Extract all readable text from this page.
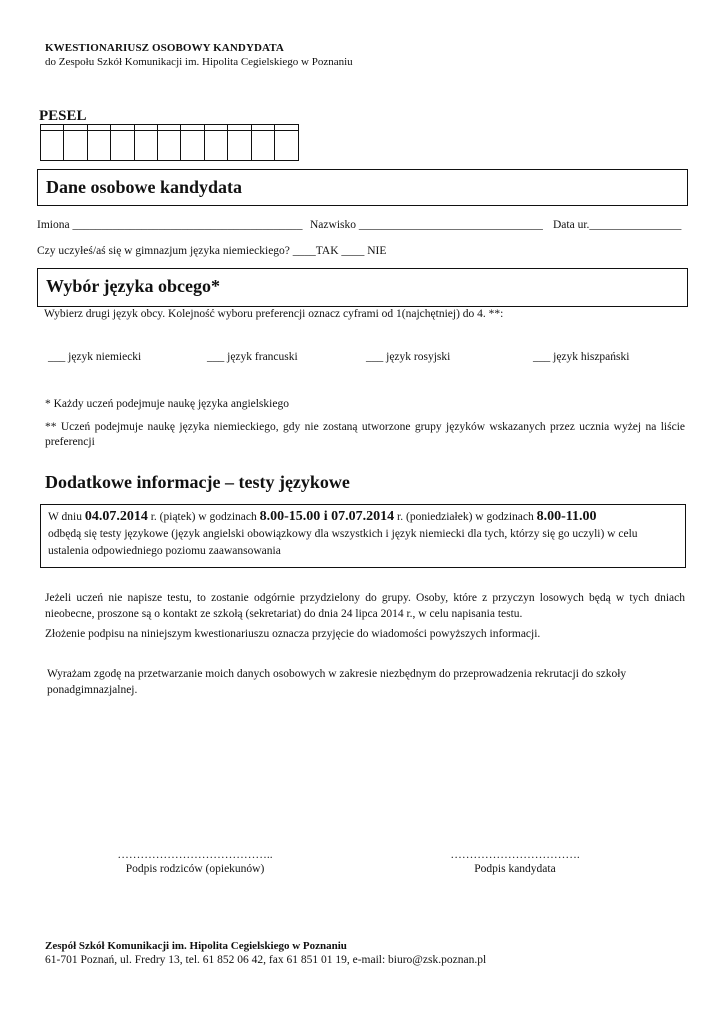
KWESTIONARIUSZ OSOBOWY KANDYDATA
do Zespołu Szkół Komunikacji im. Hipolita Cegielskiego w Poznaniu
PESEL
Dane osobowe kandydata
Imiona ________________________________________ Nazwisko ________________________________ Data ur.________________
Czy uczyłeś/aś się w gimnazjum języka niemieckiego? ____TAK ____ NIE
Wybór języka obcego*
Wybierz drugi język obcy. Kolejność wyboru preferencji oznacz cyframi od 1(najchętniej) do 4. **:
___ język niemiecki	___ język francuski	___ język rosyjski	___ język hiszpański
* Każdy uczeń podejmuje naukę języka angielskiego
** Uczeń podejmuje naukę języka niemieckiego, gdy nie zostaną utworzone grupy języków wskazanych przez ucznia wyżej na liście preferencji
Dodatkowe informacje – testy językowe
W dniu 04.07.2014 r. (piątek) w godzinach 8.00-15.00 i 07.07.2014 r. (poniedziałek) w godzinach 8.00-11.00
odbędą się testy językowe (język angielski obowiązkowy dla wszystkich i język niemiecki dla tych, którzy się go uczyli) w celu ustalenia odpowiedniego poziomu zaawansowania
Jeżeli uczeń nie napisze testu, to zostanie odgórnie przydzielony do grupy. Osoby, które z przyczyn losowych będą w tych dniach nieobecne, proszone są o kontakt ze szkołą (sekretariat) do dnia 24 lipca 2014 r., w celu napisania testu.
Złożenie podpisu na niniejszym kwestionariuszu oznacza przyjęcie do wiadomości powyższych informacji.
Wyrażam zgodę na przetwarzanie moich danych osobowych w zakresie niezbędnym do przeprowadzenia rekrutacji do szkoły ponadgimnazjalnej.
…………………………………..
Podpis rodziców (opiekunów)
…………………………….
Podpis kandydata
Zespół Szkół Komunikacji im. Hipolita Cegielskiego w Poznaniu
61-701 Poznań, ul. Fredry 13, tel. 61 852 06 42, fax 61 851 01 19, e-mail: biuro@zsk.poznan.pl
